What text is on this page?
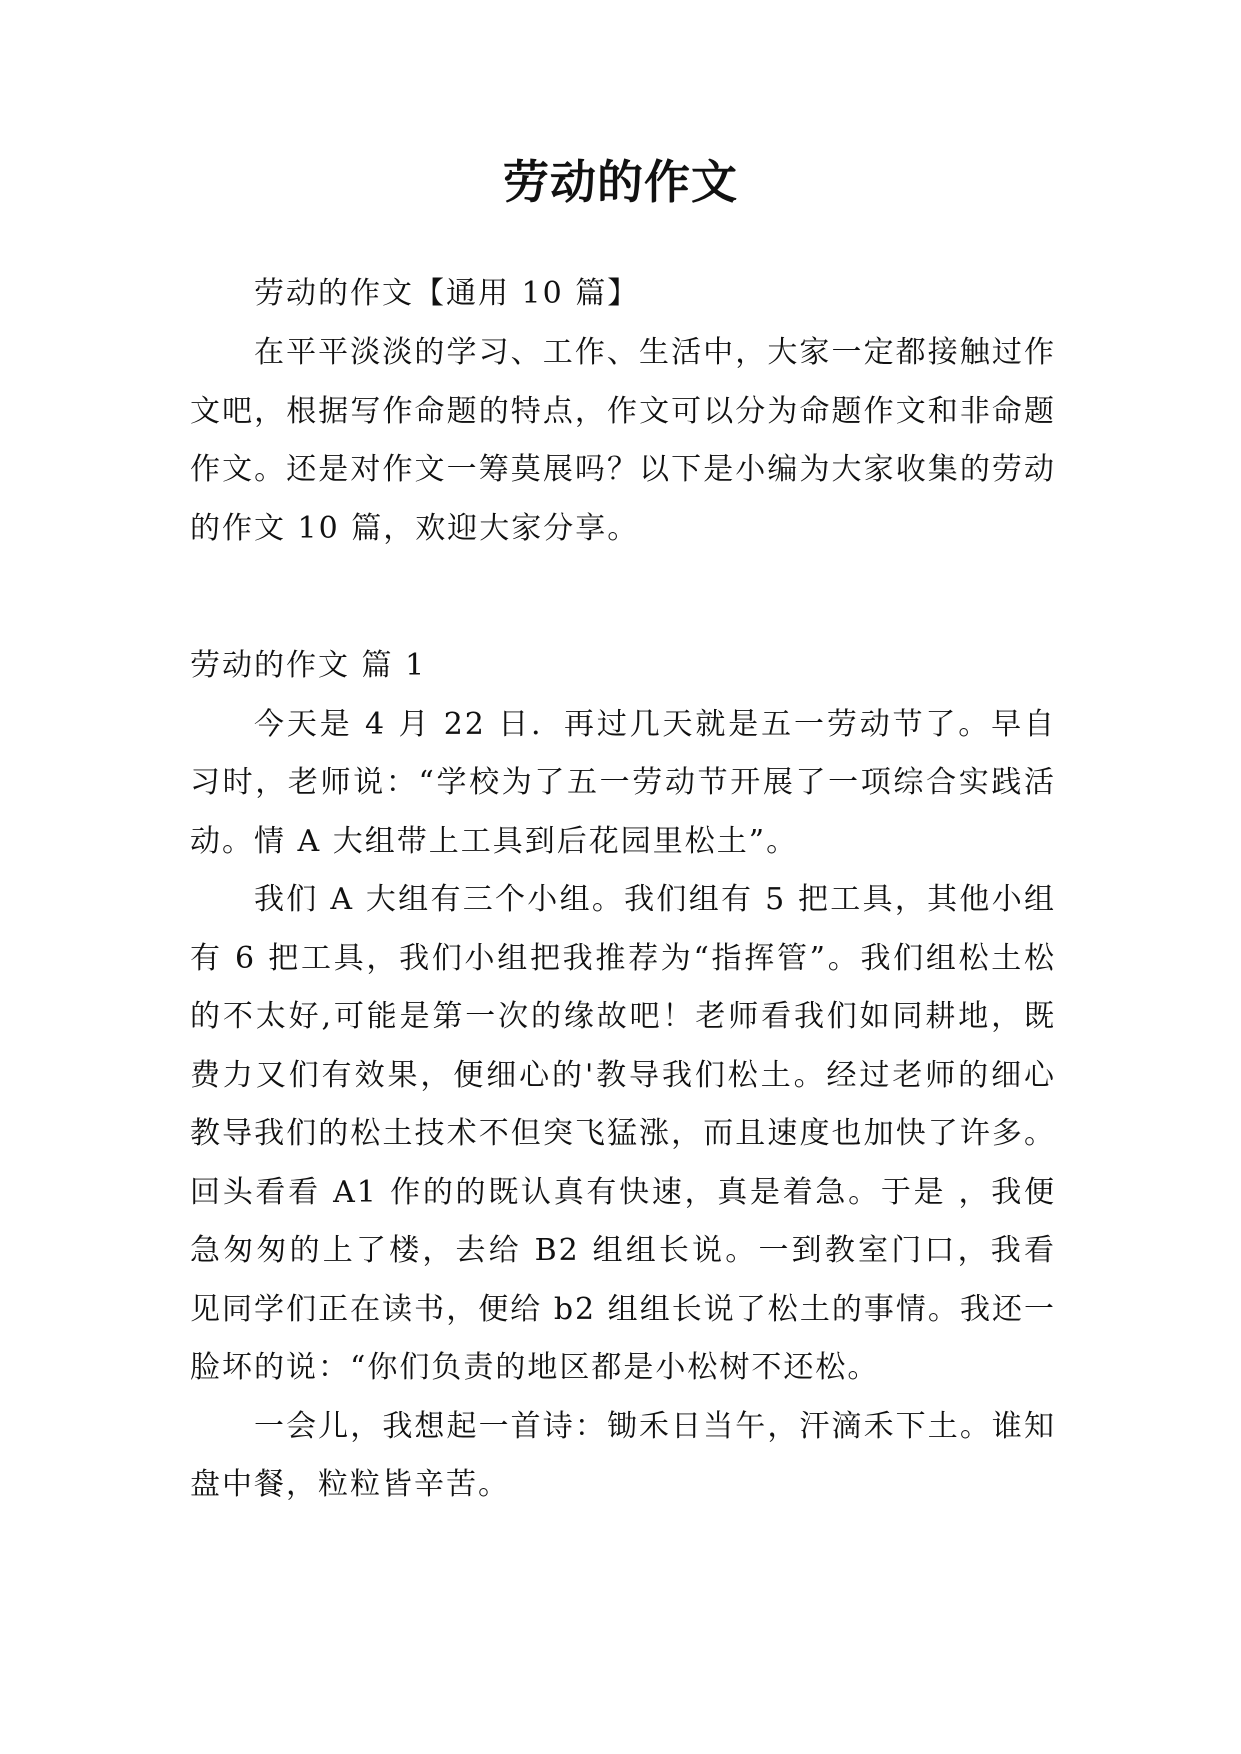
劳动的作文

劳动的作文【通用 10 篇】

在平平淡淡的学习、工作、生活中，大家一定都接触过作文吧，根据写作命题的特点，作文可以分为命题作文和非命题作文。还是对作文一筹莫展吗？以下是小编为大家收集的劳动的作文 10 篇，欢迎大家分享。

劳动的作文 篇 1

今天是 4 月 22 日．再过几天就是五一劳动节了。早自习时，老师说：“学校为了五一劳动节开展了一项综合实践活动。情 A 大组带上工具到后花园里松土”。

我们 A 大组有三个小组。我们组有 5 把工具，其他小组有 6 把工具，我们小组把我推荐为“指挥管”。我们组松土松的不太好,可能是第一次的缘故吧！老师看我们如同耕地，既费力又们有效果，便细心的'教导我们松土。经过老师的细心教导我们的松土技术不但突飞猛涨，而且速度也加快了许多。回头看看 A1 作的的既认真有快速，真是着急。于是 ，我便急匆匆的上了楼，去给 B2 组组长说。一到教室门口，我看见同学们正在读书，便给 b2 组组长说了松土的事情。我还一脸坏的说：“你们负责的地区都是小松树不还松。

一会儿，我想起一首诗：锄禾日当午，汗滴禾下土。谁知盘中餐，粒粒皆辛苦。
